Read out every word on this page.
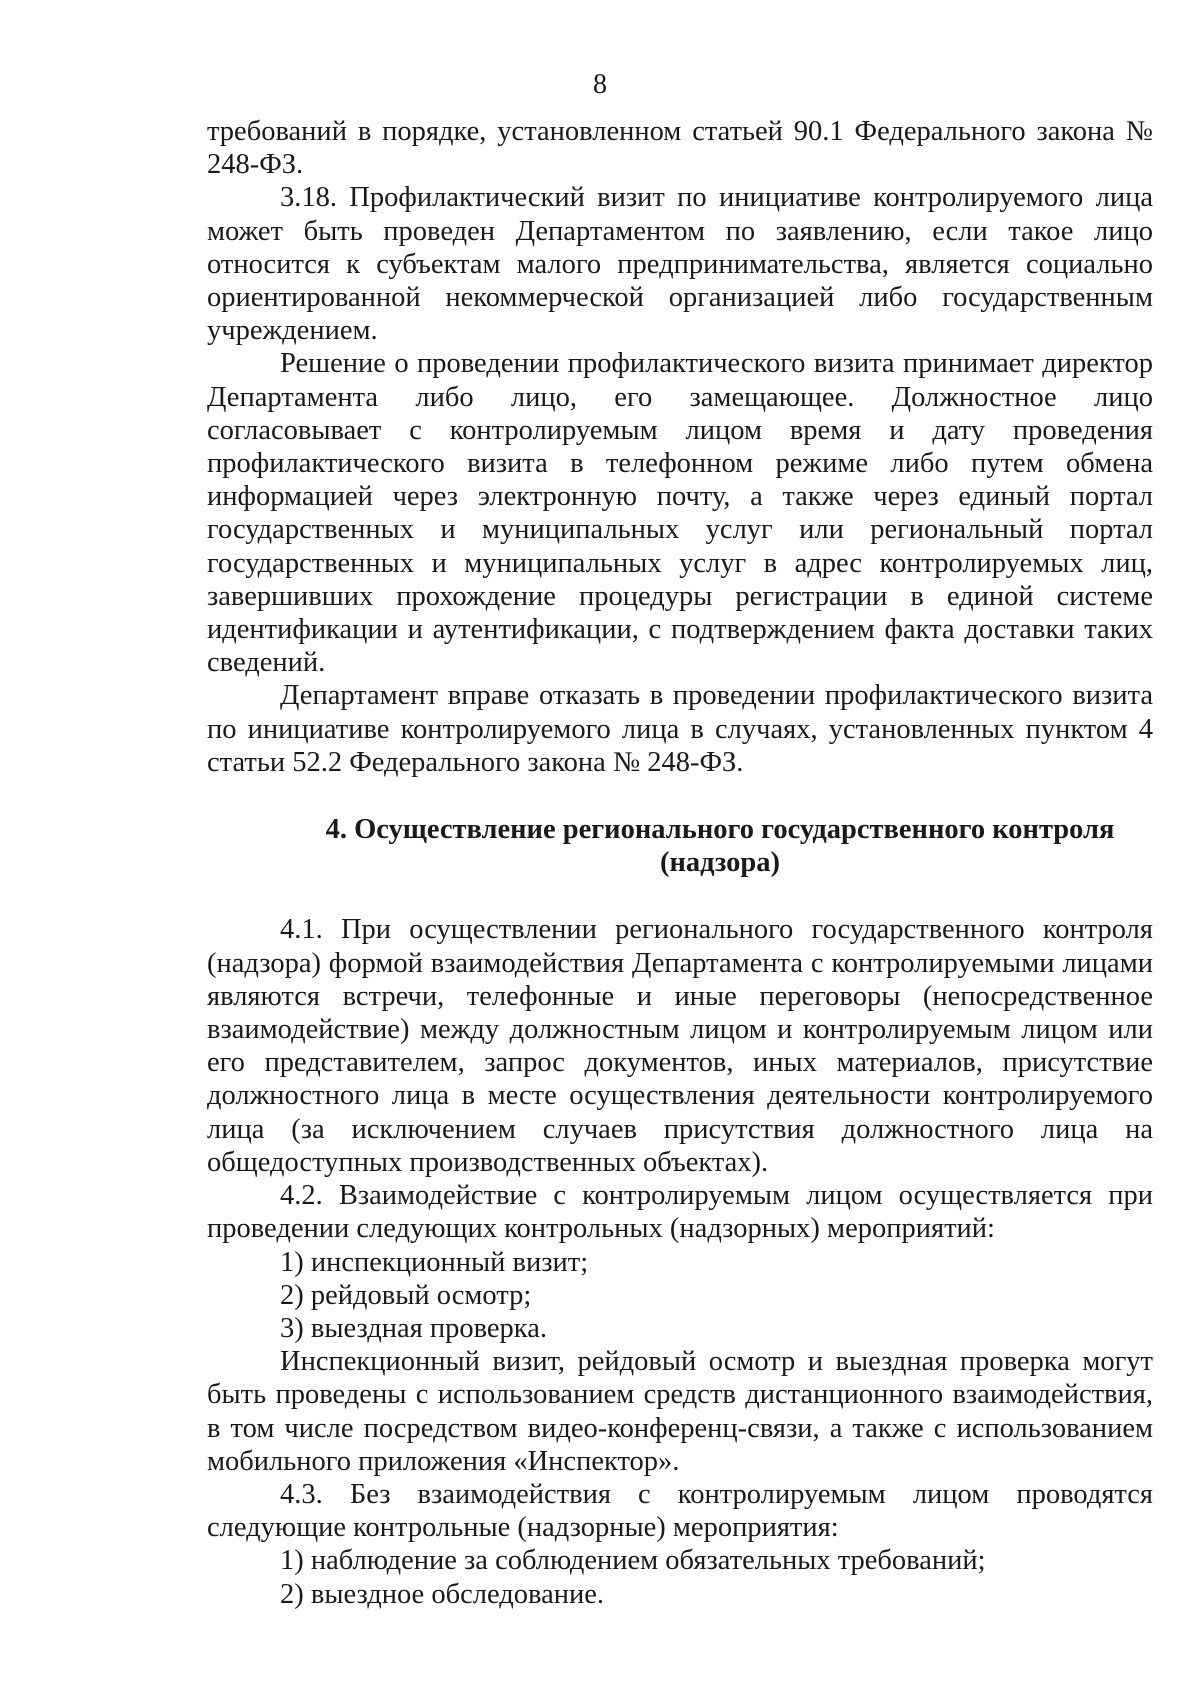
8

требований в порядке, установленном статьей 90.1 Федерального закона № 248-ФЗ.

3.18. Профилактический визит по инициативе контролируемого лица может быть проведен Департаментом по заявлению, если такое лицо относится к субъектам малого предпринимательства, является социально ориентированной некоммерческой организацией либо государственным учреждением.

Решение о проведении профилактического визита принимает директор Департамента либо лицо, его замещающее. Должностное лицо согласовывает с контролируемым лицом время и дату проведения профилактического визита в телефонном режиме либо путем обмена информацией через электронную почту, а также через единый портал государственных и муниципальных услуг или региональный портал государственных и муниципальных услуг в адрес контролируемых лиц, завершивших прохождение процедуры регистрации в единой системе идентификации и аутентификации, с подтверждением факта доставки таких сведений.

Департамент вправе отказать в проведении профилактического визита по инициативе контролируемого лица в случаях, установленных пунктом 4 статьи 52.2 Федерального закона № 248-ФЗ.

4. Осуществление регионального государственного контроля
(надзора)

4.1. При осуществлении регионального государственного контроля (надзора) формой взаимодействия Департамента с контролируемыми лицами являются встречи, телефонные и иные переговоры (непосредственное взаимодействие) между должностным лицом и контролируемым лицом или его представителем, запрос документов, иных материалов, присутствие должностного лица в месте осуществления деятельности контролируемого лица (за исключением случаев присутствия должностного лица на общедоступных производственных объектах).

4.2. Взаимодействие с контролируемым лицом осуществляется при проведении следующих контрольных (надзорных) мероприятий:

1) инспекционный визит;

2) рейдовый осмотр;

3) выездная проверка.

Инспекционный визит, рейдовый осмотр и выездная проверка могут быть проведены с использованием средств дистанционного взаимодействия, в том числе посредством видео-конференц-связи, а также с использованием мобильного приложения «Инспектор».

4.3. Без взаимодействия с контролируемым лицом проводятся следующие контрольные (надзорные) мероприятия:

1) наблюдение за соблюдением обязательных требований;

2) выездное обследование.
